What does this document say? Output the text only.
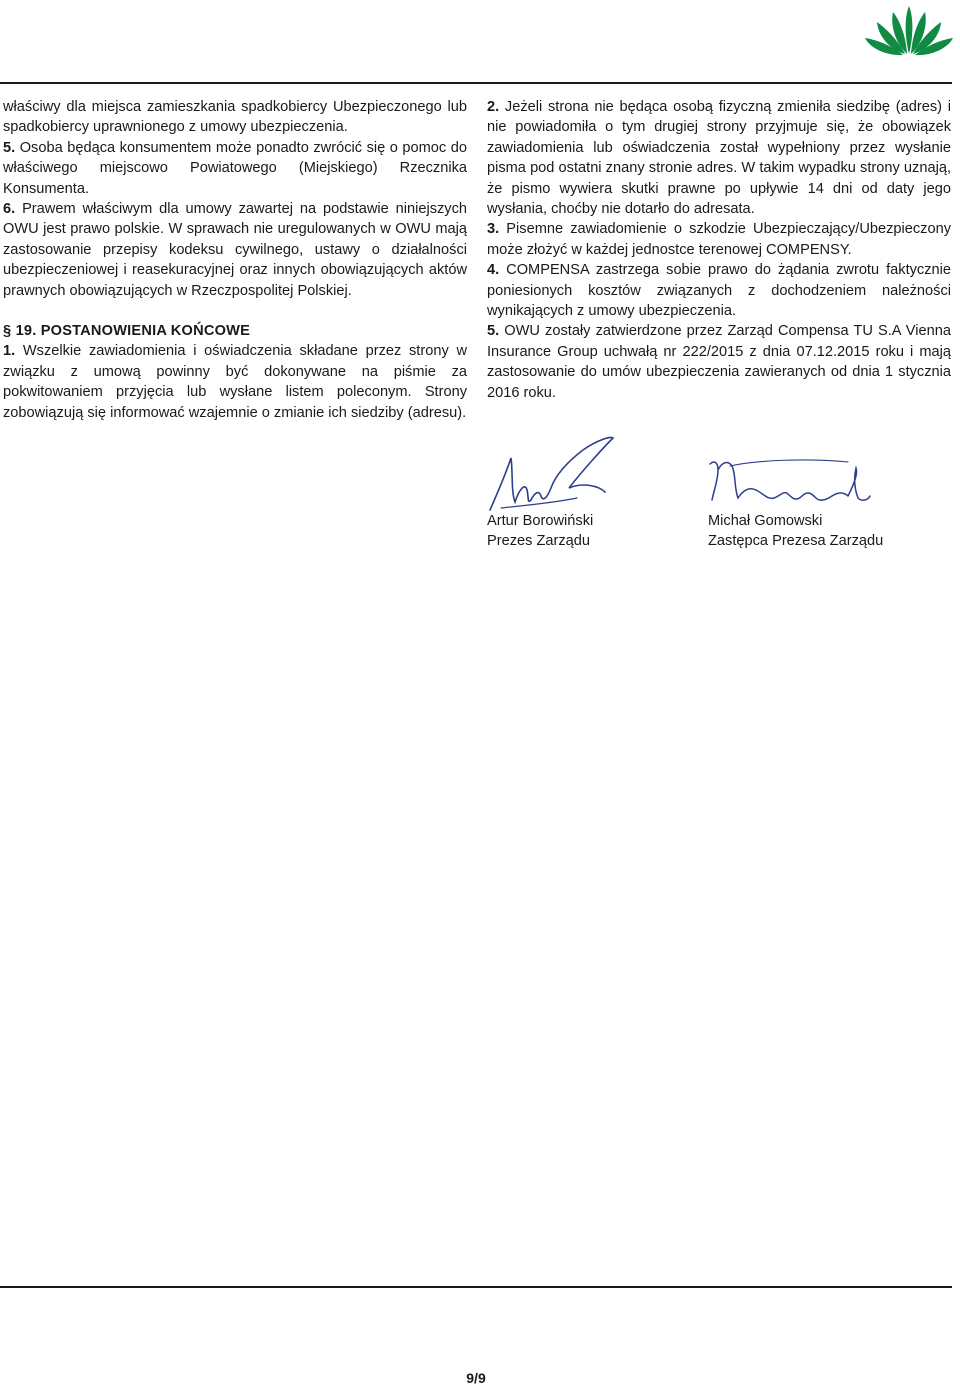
właściwy dla miejsca zamieszkania spadkobiercy Ubezpieczonego lub spadkobiercy uprawnionego z umowy ubezpieczenia.
5. Osoba będąca konsumentem może ponadto zwrócić się o pomoc do właściwego miejscowo Powiatowego (Miejskiego) Rzecznika Konsumenta.
6. Prawem właściwym dla umowy zawartej na podstawie niniejszych OWU jest prawo polskie. W sprawach nie uregulowanych w OWU mają zastosowanie przepisy kodeksu cywilnego, ustawy o działalności ubezpieczeniowej i reasekuracyjnej oraz innych obowiązujących aktów prawnych obowiązujących w Rzeczpospolitej Polskiej.

§ 19. POSTANOWIENIA KOŃCOWE

1. Wszelkie zawiadomienia i oświadczenia składane przez strony w związku z umową powinny być dokonywane na piśmie za pokwitowaniem przyjęcia lub wysłane listem poleconym. Strony zobowiązują się informować wzajemnie o zmianie ich siedziby (adresu).

2. Jeżeli strona nie będąca osobą fizyczną zmieniła siedzibę (adres) i nie powiadomiła o tym drugiej strony przyjmuje się, że obowiązek zawiadomienia lub oświadczenia został wypełniony przez wysłanie pisma pod ostatni znany stronie adres. W takim wypadku strony uznają, że pismo wywiera skutki prawne po upływie 14 dni od daty jego wysłania, choćby nie dotarło do adresata.
3. Pisemne zawiadomienie o szkodzie Ubezpieczający/Ubezpieczony może złożyć w każdej jednostce terenowej COMPENSY.
4. COMPENSA zastrzega sobie prawo do żądania zwrotu faktycznie poniesionych kosztów związanych z dochodzeniem należności wynikających z umowy ubezpieczenia.
5. OWU zostały zatwierdzone przez Zarząd Compensa TU S.A Vienna Insurance Group uchwałą nr 222/2015 z dnia 07.12.2015 roku i mają zastosowanie do umów ubezpieczenia zawieranych od dnia 1 stycznia 2016 roku.

Artur Borowiński
Prezes Zarządu
Michał Gomowski
Zastępca Prezesa Zarządu
9/9
